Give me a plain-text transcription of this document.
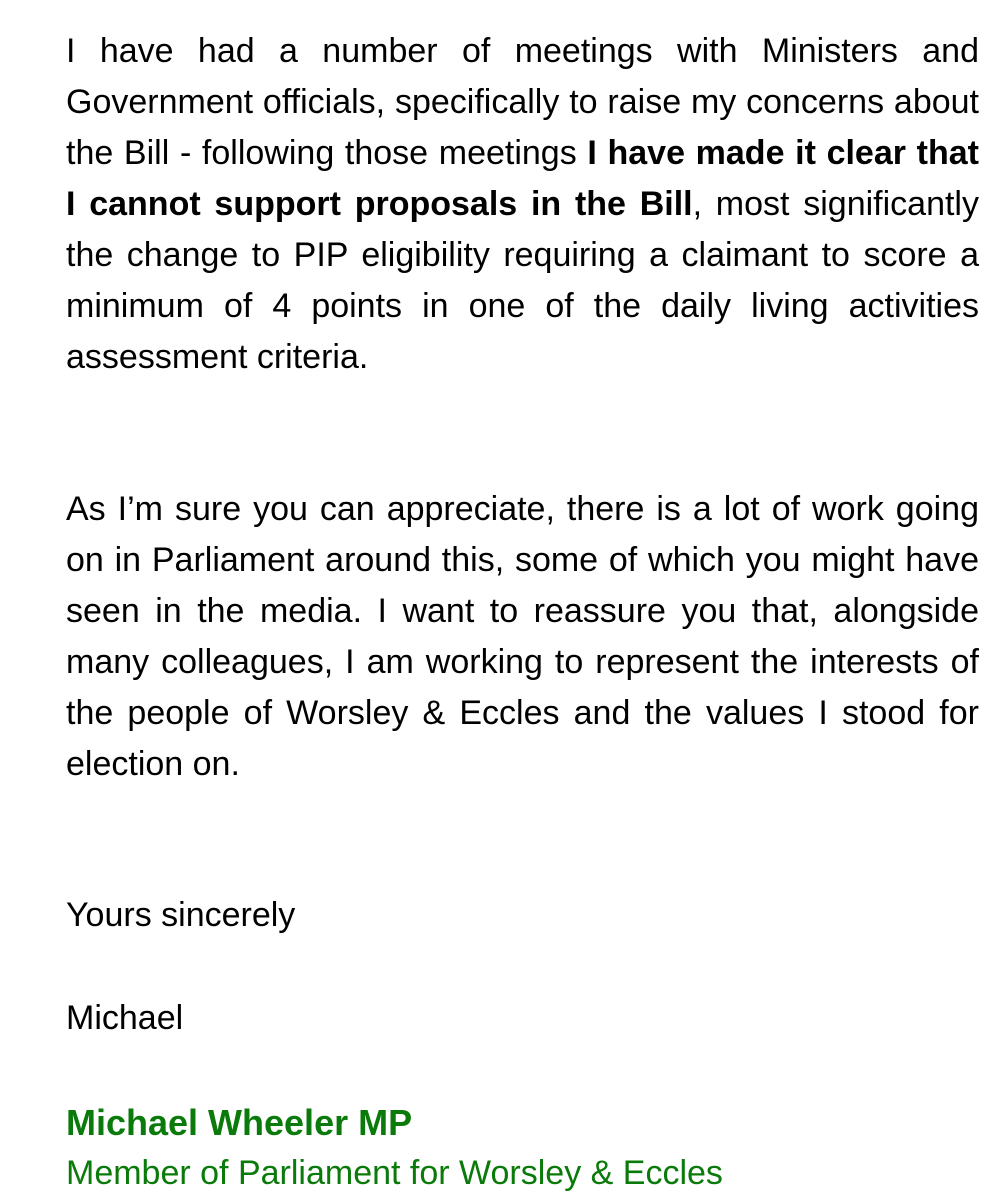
I have had a number of meetings with Ministers and Government officials, specifically to raise my concerns about the Bill - following those meetings I have made it clear that I cannot support proposals in the Bill, most significantly the change to PIP eligibility requiring a claimant to score a minimum of 4 points in one of the daily living activities assessment criteria.

As I’m sure you can appreciate, there is a lot of work going on in Parliament around this, some of which you might have seen in the media. I want to reassure you that, alongside many colleagues, I am working to represent the interests of the people of Worsley & Eccles and the values I stood for election on.

Yours sincerely

Michael

Michael Wheeler MP

Member of Parliament for Worsley & Eccles
